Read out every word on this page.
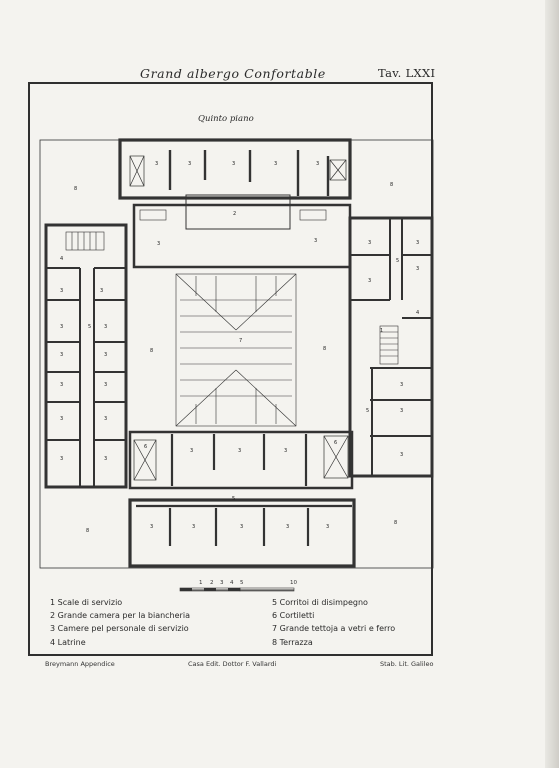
Grand albergo Confortable	Tav. LXXI
Quinto piano
3	3	3	3	3
8
8
2
3	3
4
3	3
3	5	3
3	3
3	3
3	3
3	3
8	8
7
3	3
3
5
3
4
1
3
5	3
3
6
6
3	3	3
5
3	3	3	3	3
8
8
1 2 3 4 5	10
1 Scale di servizio
2 Grande camera per la biancheria
3 Camere pel personale di servizio
4 Latrine
5 Corritoi di disimpegno
6 Cortiletti
7 Grande tettoja a vetri e ferro
8 Terrazza
Breymann Appendice	Casa Edit. Dottor F. Vallardi	Stab. Lit. Galileo
